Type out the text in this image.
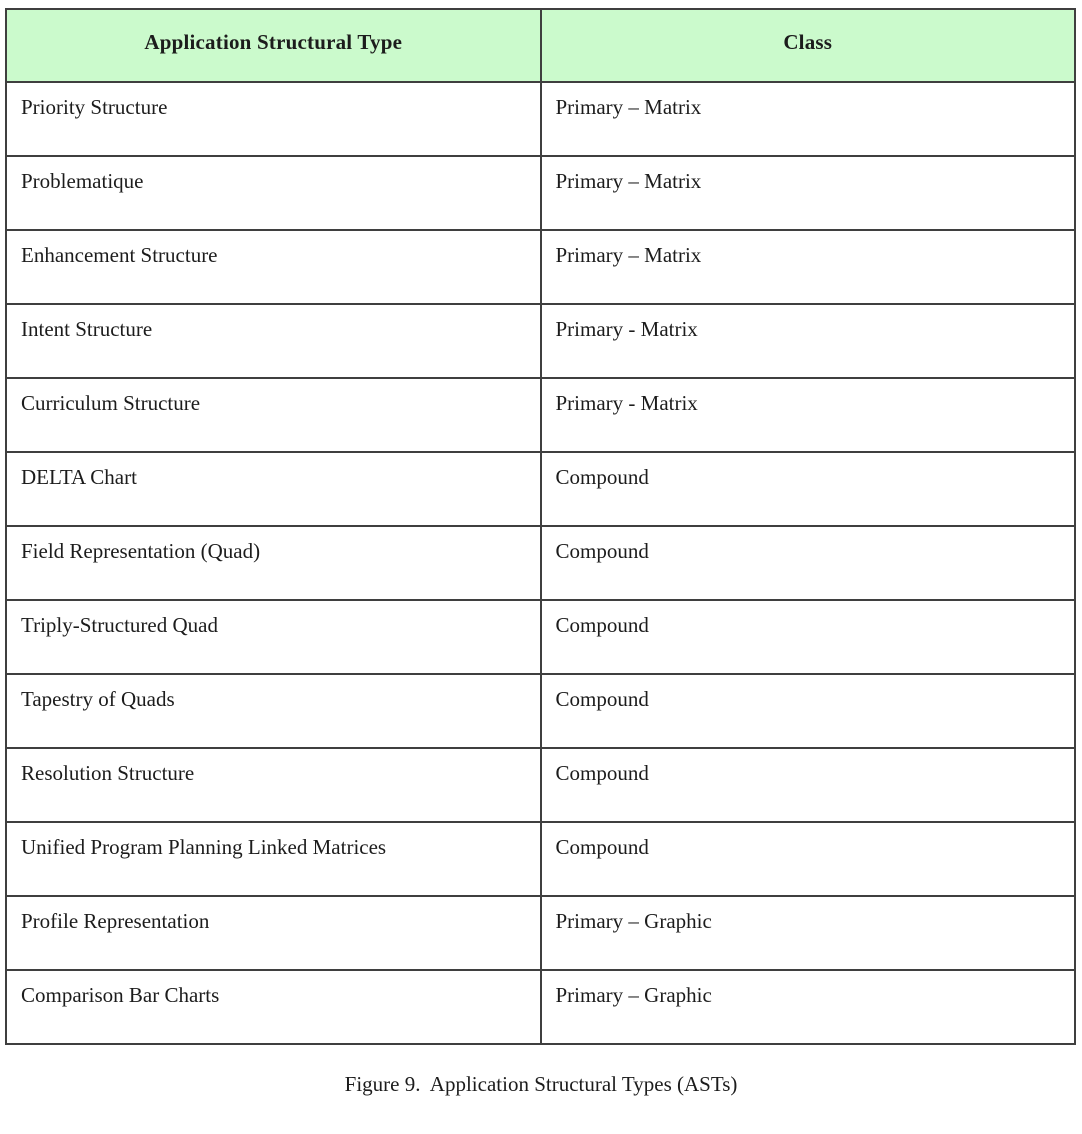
Application Structural Type	Class
Priority Structure	Primary – Matrix
Problematique	Primary – Matrix
Enhancement Structure	Primary – Matrix
Intent Structure	Primary - Matrix
Curriculum Structure	Primary - Matrix
DELTA Chart	Compound
Field Representation (Quad)	Compound
Triply-Structured Quad	Compound
Tapestry of Quads	Compound
Resolution Structure	Compound
Unified Program Planning Linked Matrices	Compound
Profile Representation	Primary – Graphic
Comparison Bar Charts	Primary – Graphic
Figure 9.  Application Structural Types (ASTs)
